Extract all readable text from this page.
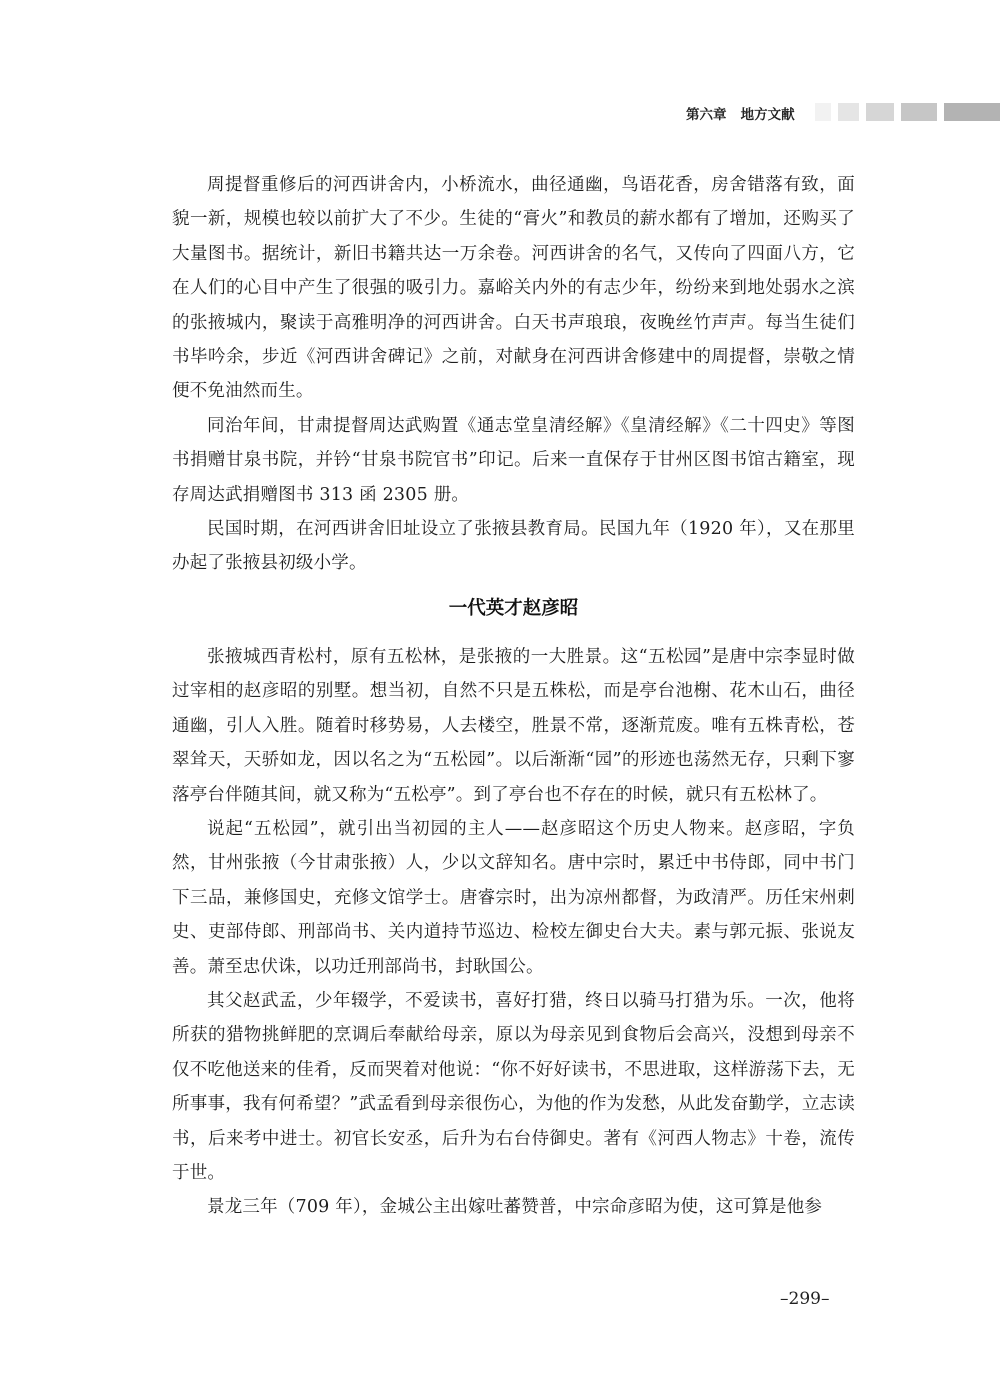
第六章 地方文献

周提督重修后的河西讲舍内，小桥流水，曲径通幽，鸟语花香，房舍错落有致，面貌一新，规模也较以前扩大了不少。生徒的“膏火”和教员的薪水都有了增加，还购买了大量图书。据统计，新旧书籍共达一万余卷。河西讲舍的名气，又传向了四面八方，它在人们的心目中产生了很强的吸引力。嘉峪关内外的有志少年，纷纷来到地处弱水之滨的张掖城内，聚读于高雅明净的河西讲舍。白天书声琅琅，夜晚丝竹声声。每当生徒们书毕吟余，步近《河西讲舍碑记》之前，对献身在河西讲舍修建中的周提督，崇敬之情便不免油然而生。

同治年间，甘肃提督周达武购置《通志堂皇清经解》《皇清经解》《二十四史》等图书捐赠甘泉书院，并钤“甘泉书院官书”印记。后来一直保存于甘州区图书馆古籍室，现存周达武捐赠图书 313 函 2305 册。

民国时期，在河西讲舍旧址设立了张掖县教育局。民国九年（1920 年），又在那里办起了张掖县初级小学。

一代英才赵彦昭

张掖城西青松村，原有五松林，是张掖的一大胜景。这“五松园”是唐中宗李显时做过宰相的赵彦昭的别墅。想当初，自然不只是五株松，而是亭台池榭、花木山石，曲径通幽，引人入胜。随着时移势易，人去楼空，胜景不常，逐渐荒废。唯有五株青松，苍翠耸天，天骄如龙，因以名之为“五松园”。以后渐渐“园”的形迹也荡然无存，只剩下寥落亭台伴随其间，就又称为“五松亭”。到了亭台也不存在的时候，就只有五松林了。

说起“五松园”，就引出当初园的主人——赵彦昭这个历史人物来。赵彦昭，字负然，甘州张掖（今甘肃张掖）人，少以文辞知名。唐中宗时，累迁中书侍郎，同中书门下三品，兼修国史，充修文馆学士。唐睿宗时，出为凉州都督，为政清严。历任宋州刺史、吏部侍郎、刑部尚书、关内道持节巡边、检校左御史台大夫。素与郭元振、张说友善。萧至忠伏诛，以功迁刑部尚书，封耿国公。

其父赵武孟，少年辍学，不爱读书，喜好打猎，终日以骑马打猎为乐。一次，他将所获的猎物挑鲜肥的烹调后奉献给母亲，原以为母亲见到食物后会高兴，没想到母亲不仅不吃他送来的佳肴，反而哭着对他说：“你不好好读书，不思进取，这样游荡下去，无所事事，我有何希望？”武孟看到母亲很伤心，为他的作为发愁，从此发奋勤学，立志读书，后来考中进士。初官长安丞，后升为右台侍御史。著有《河西人物志》十卷，流传于世。

景龙三年（709 年），金城公主出嫁吐蕃赞普，中宗命彦昭为使，这可算是他参

–299–
